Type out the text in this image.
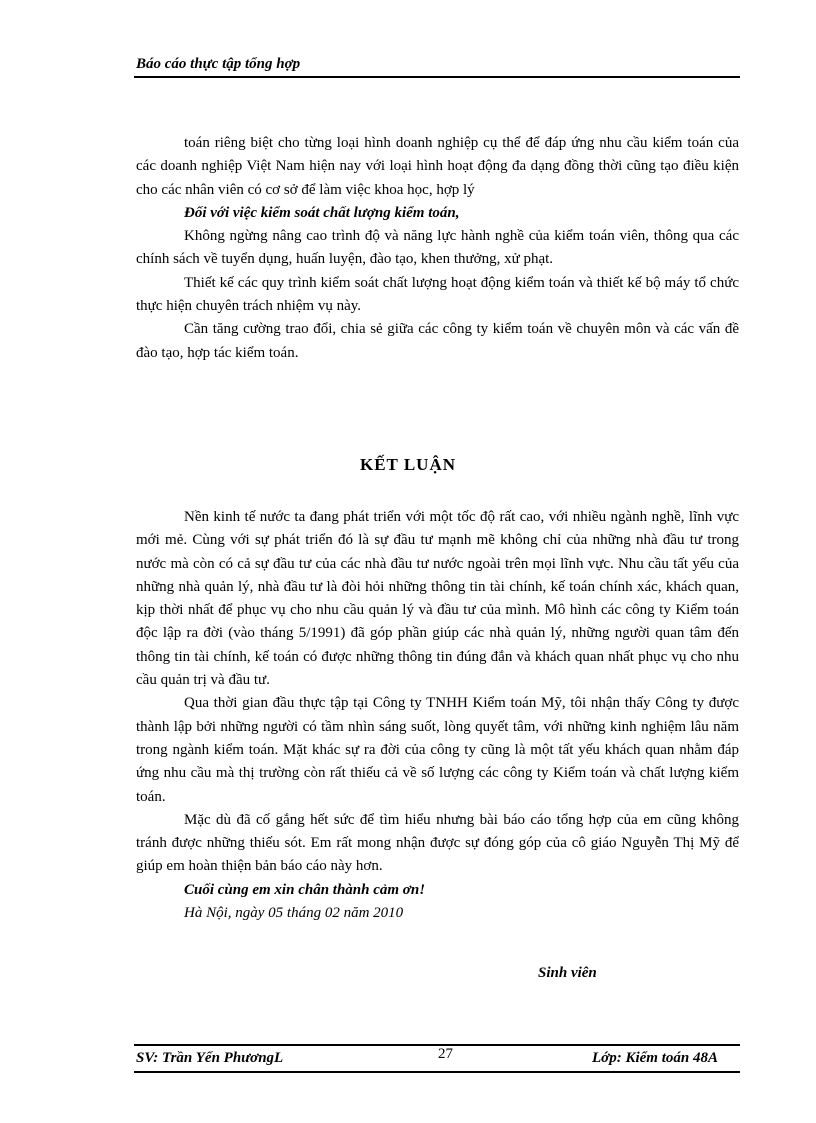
Báo cáo thực tập tổng hợp

toán riêng biệt cho từng loại hình doanh nghiệp cụ thể để đáp ứng nhu cầu kiểm toán của các doanh nghiệp Việt Nam hiện nay với loại hình hoạt động đa dạng đồng thời cũng tạo điều kiện cho các nhân viên có cơ sở để làm việc khoa học, hợp lý

Đối với việc kiểm soát chất lượng kiểm toán,

Không ngừng nâng cao trình độ và năng lực hành nghề của kiểm toán viên, thông qua các chính sách về tuyển dụng, huấn luyện, đào tạo, khen thưởng, xử phạt.

Thiết kế các quy trình kiểm soát chất lượng hoạt động kiểm toán và thiết kế bộ máy tổ chức thực hiện chuyên trách nhiệm vụ này.

Cần tăng cường trao đổi, chia sẻ giữa các công ty kiểm toán về chuyên môn và các vấn đề đào tạo, hợp tác kiểm toán.

KẾT LUẬN

Nền kinh tế nước ta đang phát triển với một tốc độ rất cao, với nhiều ngành nghề, lĩnh vực mới mẻ. Cùng với sự phát triển đó là sự đầu tư mạnh mẽ không chỉ của những nhà đầu tư trong nước mà còn có cả sự đầu tư của các nhà đầu tư nước ngoài trên mọi lĩnh vực. Nhu cầu tất yếu của những nhà quản lý, nhà đầu tư là đòi hỏi những thông tin tài chính, kế toán chính xác, khách quan, kịp thời nhất để phục vụ cho nhu cầu quản lý và đầu tư của mình. Mô hình các công ty Kiểm toán độc lập ra đời (vào tháng 5/1991) đã góp phần giúp các nhà quản lý, những người quan tâm đến thông tin tài chính, kế toán có được những thông tin đúng đắn và khách quan nhất phục vụ cho nhu cầu quản trị và đầu tư.

Qua thời gian đầu thực tập tại Công ty TNHH Kiểm toán Mỹ, tôi nhận thấy Công ty được thành lập bởi những người có tầm nhìn sáng suốt, lòng quyết tâm, với những kinh nghiệm lâu năm trong ngành kiểm toán. Mặt khác sự ra đời của công ty cũng là một tất yếu khách quan nhằm đáp ứng nhu cầu mà thị trường còn rất thiếu cả về số lượng các công ty Kiểm toán và chất lượng kiểm toán.

Mặc dù đã cố gắng hết sức để tìm hiểu nhưng bài báo cáo tổng hợp của em cũng không tránh được những thiếu sót. Em rất mong nhận được sự đóng góp của cô giáo Nguyễn Thị Mỹ để giúp em hoàn thiện bản báo cáo này hơn.

Cuối cùng em xin chân thành cảm ơn!

Hà Nội, ngày 05 tháng 02 năm 2010

Sinh viên
SV: Trần Yến PhươngL	27	Lớp: Kiểm toán 48A
